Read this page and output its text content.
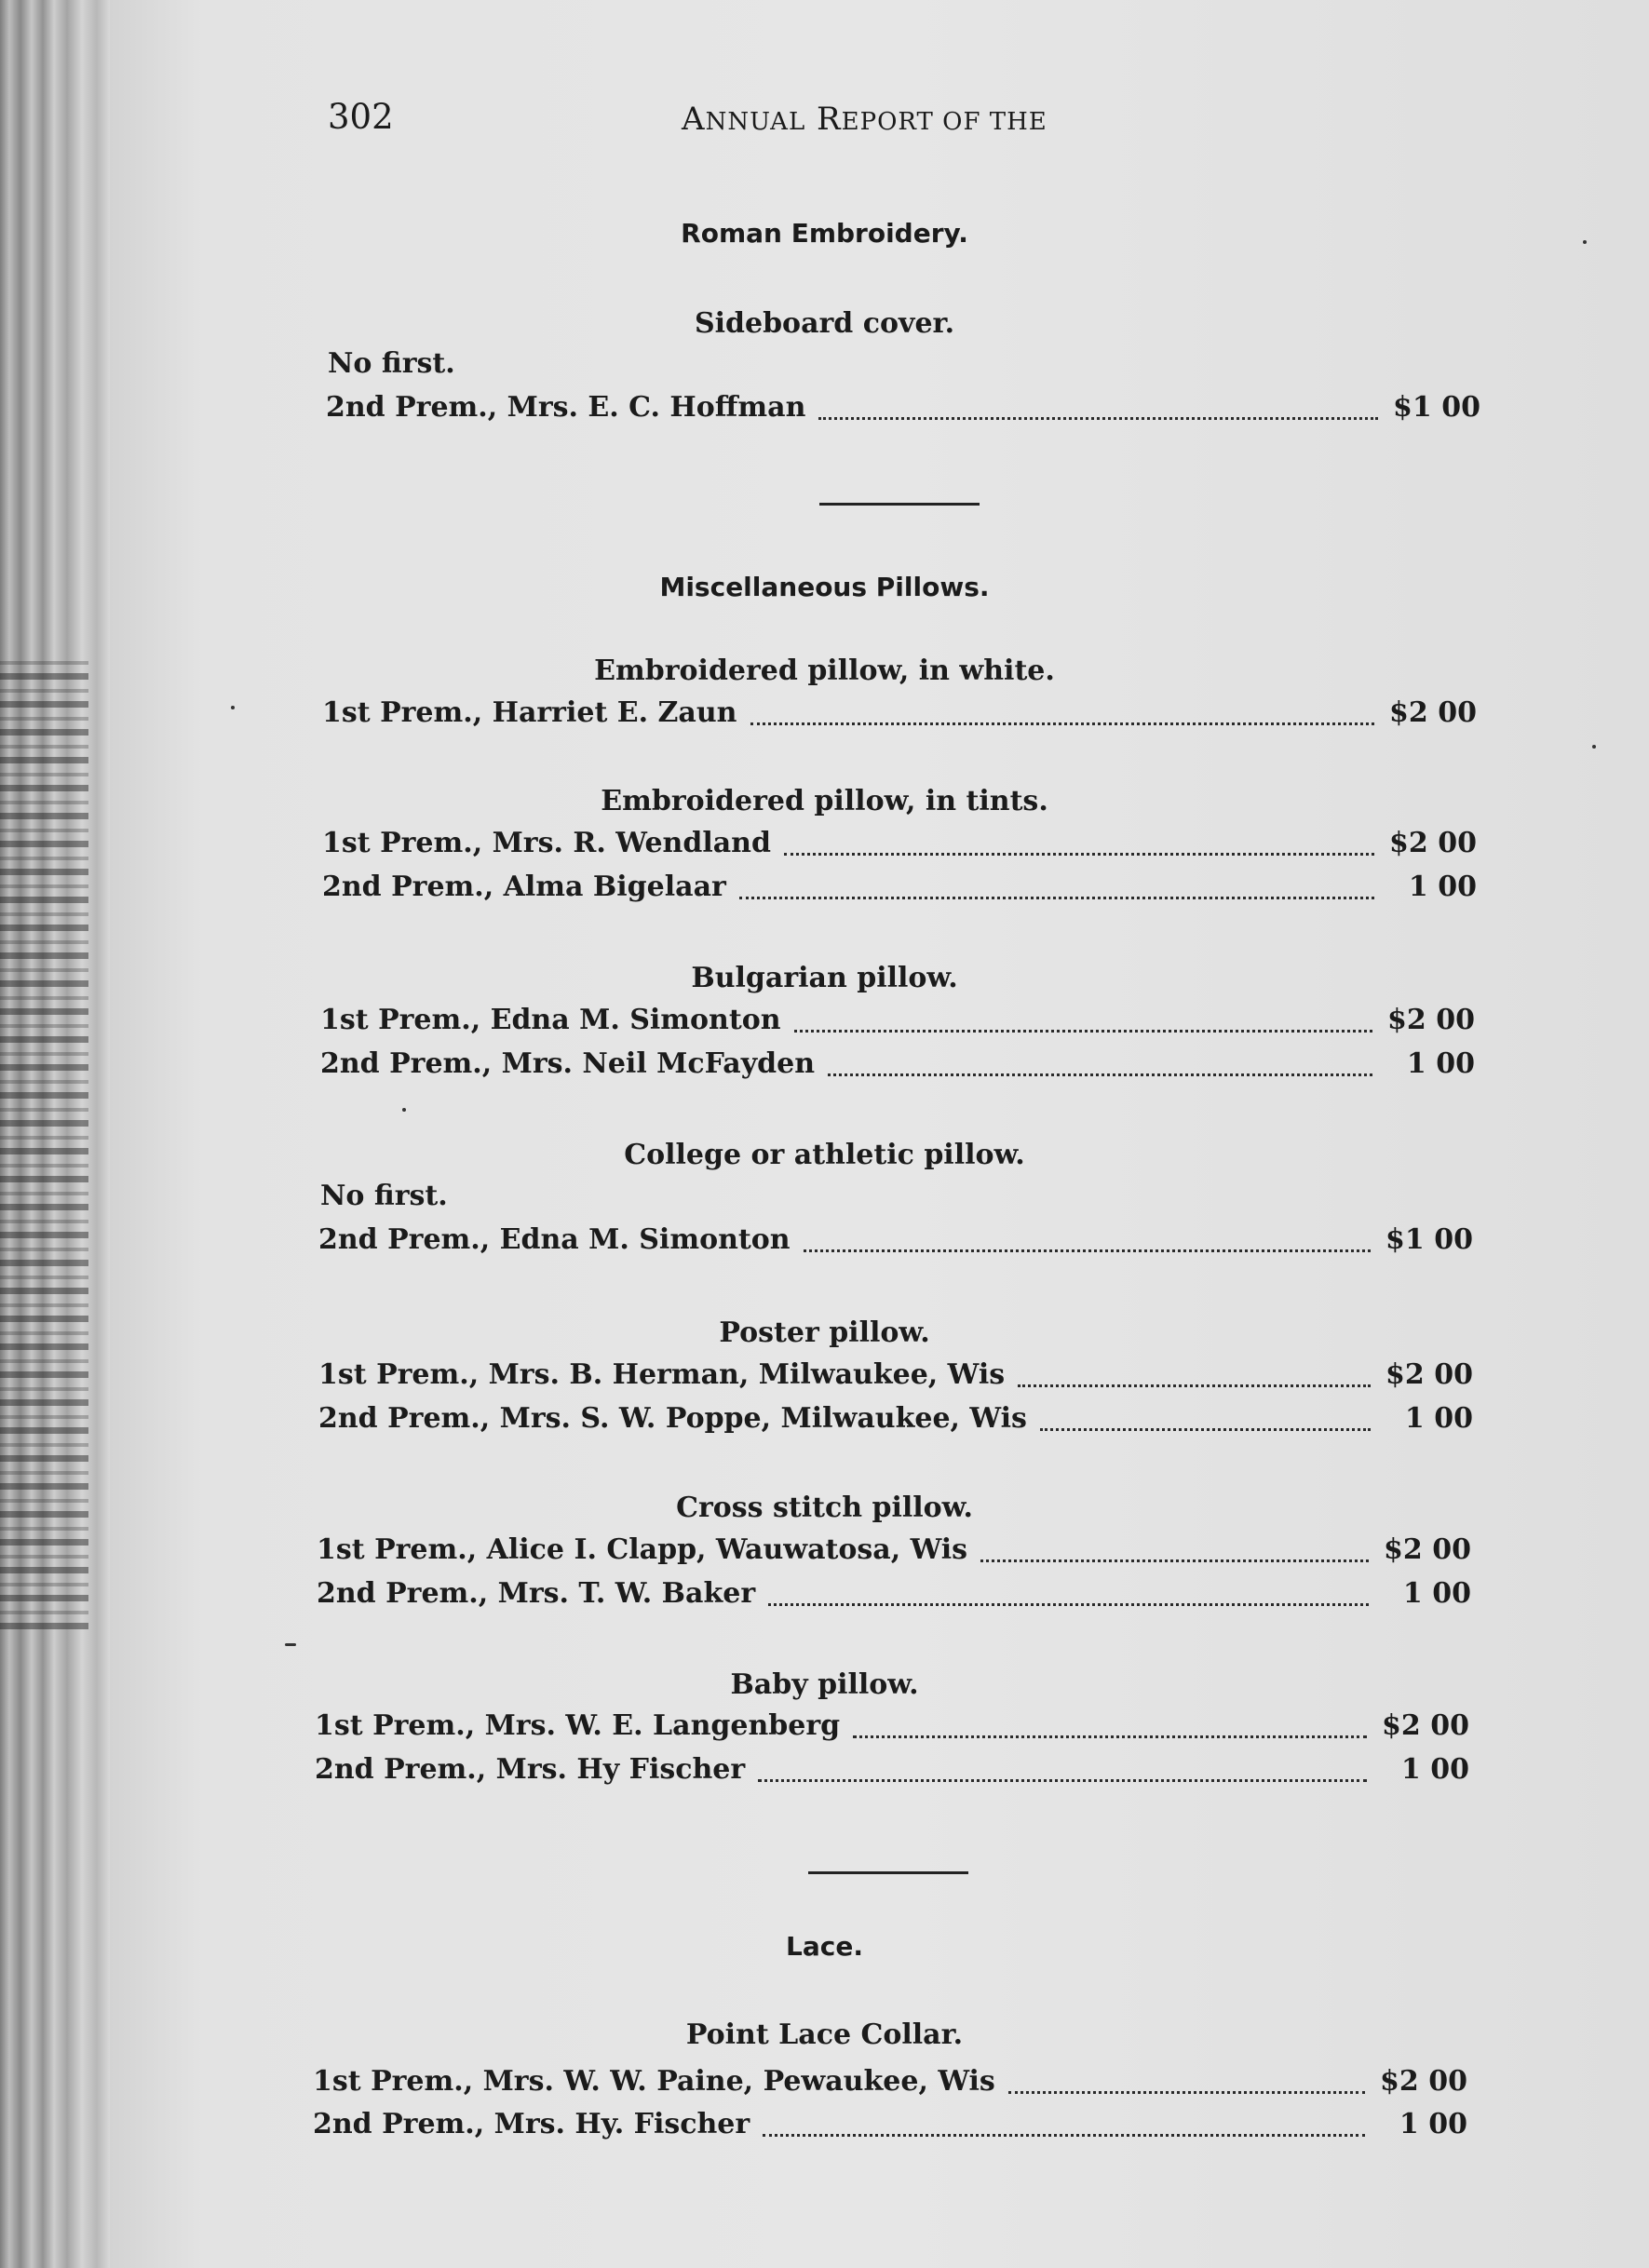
302	ANNUAL REPORT OF THE
Roman Embroidery.
Sideboard cover.
No first.
2nd Prem., Mrs. E. C. Hoffman	$1 00
Miscellaneous Pillows.
Embroidered pillow, in white.
1st Prem., Harriet E. Zaun	$2 00
Embroidered pillow, in tints.
1st Prem., Mrs. R. Wendland	$2 00
2nd Prem., Alma Bigelaar	1 00
Bulgarian pillow.
1st Prem., Edna M. Simonton	$2 00
2nd Prem., Mrs. Neil McFayden	1 00
College or athletic pillow.
No first.
2nd Prem., Edna M. Simonton	$1 00
Poster pillow.
1st Prem., Mrs. B. Herman, Milwaukee, Wis	$2 00
2nd Prem., Mrs. S. W. Poppe, Milwaukee, Wis	1 00
Cross stitch pillow.
1st Prem., Alice I. Clapp, Wauwatosa, Wis	$2 00
2nd Prem., Mrs. T. W. Baker	1 00
Baby pillow.
1st Prem., Mrs. W. E. Langenberg	$2 00
2nd Prem., Mrs. Hy Fischer	1 00
Lace.
Point Lace Collar.
1st Prem., Mrs. W. W. Paine, Pewaukee, Wis	$2 00
2nd Prem., Mrs. Hy. Fischer	1 00
